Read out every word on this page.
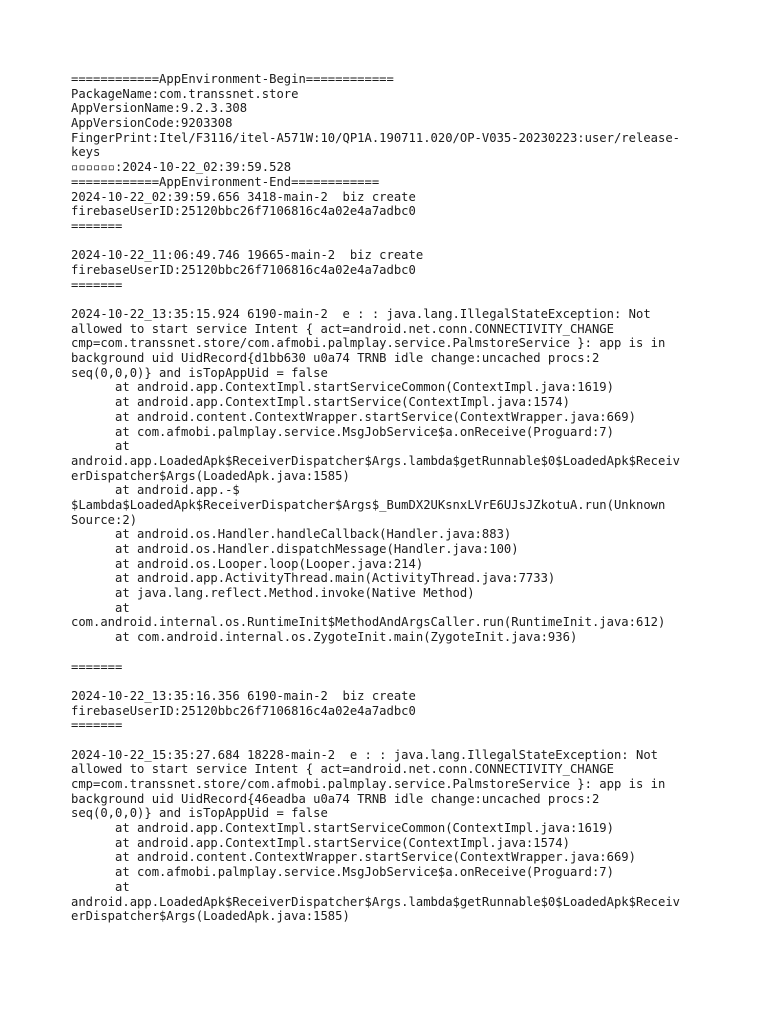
============AppEnvironment-Begin============
PackageName:com.transsnet.store
AppVersionName:9.2.3.308
AppVersionCode:9203308
FingerPrint:Itel/F3116/itel-A571W:10/QP1A.190711.020/OP-V035-20230223:user/release-
keys
▫▫▫▫▫▫:2024-10-22_02:39:59.528
============AppEnvironment-End============
2024-10-22_02:39:59.656 3418-main-2  biz create
firebaseUserID:25120bbc26f7106816c4a02e4a7adbc0
=======
2024-10-22_11:06:49.746 19665-main-2  biz create
firebaseUserID:25120bbc26f7106816c4a02e4a7adbc0
=======
2024-10-22_13:35:15.924 6190-main-2  e : : java.lang.IllegalStateException: Not
allowed to start service Intent { act=android.net.conn.CONNECTIVITY_CHANGE
cmp=com.transsnet.store/com.afmobi.palmplay.service.PalmstoreService }: app is in
background uid UidRecord{d1bb630 u0a74 TRNB idle change:uncached procs:2
seq(0,0,0)} and isTopAppUid = false
at android.app.ContextImpl.startServiceCommon(ContextImpl.java:1619)
at android.app.ContextImpl.startService(ContextImpl.java:1574)
at android.content.ContextWrapper.startService(ContextWrapper.java:669)
at com.afmobi.palmplay.service.MsgJobService$a.onReceive(Proguard:7)
at
android.app.LoadedApk$ReceiverDispatcher$Args.lambda$getRunnable$0$LoadedApk$Receiv
erDispatcher$Args(LoadedApk.java:1585)
at android.app.-$
$Lambda$LoadedApk$ReceiverDispatcher$Args$_BumDX2UKsnxLVrE6UJsJZkotuA.run(Unknown
Source:2)
at android.os.Handler.handleCallback(Handler.java:883)
at android.os.Handler.dispatchMessage(Handler.java:100)
at android.os.Looper.loop(Looper.java:214)
at android.app.ActivityThread.main(ActivityThread.java:7733)
at java.lang.reflect.Method.invoke(Native Method)
at
com.android.internal.os.RuntimeInit$MethodAndArgsCaller.run(RuntimeInit.java:612)
at com.android.internal.os.ZygoteInit.main(ZygoteInit.java:936)
=======
2024-10-22_13:35:16.356 6190-main-2  biz create
firebaseUserID:25120bbc26f7106816c4a02e4a7adbc0
=======
2024-10-22_15:35:27.684 18228-main-2  e : : java.lang.IllegalStateException: Not
allowed to start service Intent { act=android.net.conn.CONNECTIVITY_CHANGE
cmp=com.transsnet.store/com.afmobi.palmplay.service.PalmstoreService }: app is in
background uid UidRecord{46eadba u0a74 TRNB idle change:uncached procs:2
seq(0,0,0)} and isTopAppUid = false
at android.app.ContextImpl.startServiceCommon(ContextImpl.java:1619)
at android.app.ContextImpl.startService(ContextImpl.java:1574)
at android.content.ContextWrapper.startService(ContextWrapper.java:669)
at com.afmobi.palmplay.service.MsgJobService$a.onReceive(Proguard:7)
at
android.app.LoadedApk$ReceiverDispatcher$Args.lambda$getRunnable$0$LoadedApk$Receiv
erDispatcher$Args(LoadedApk.java:1585)
